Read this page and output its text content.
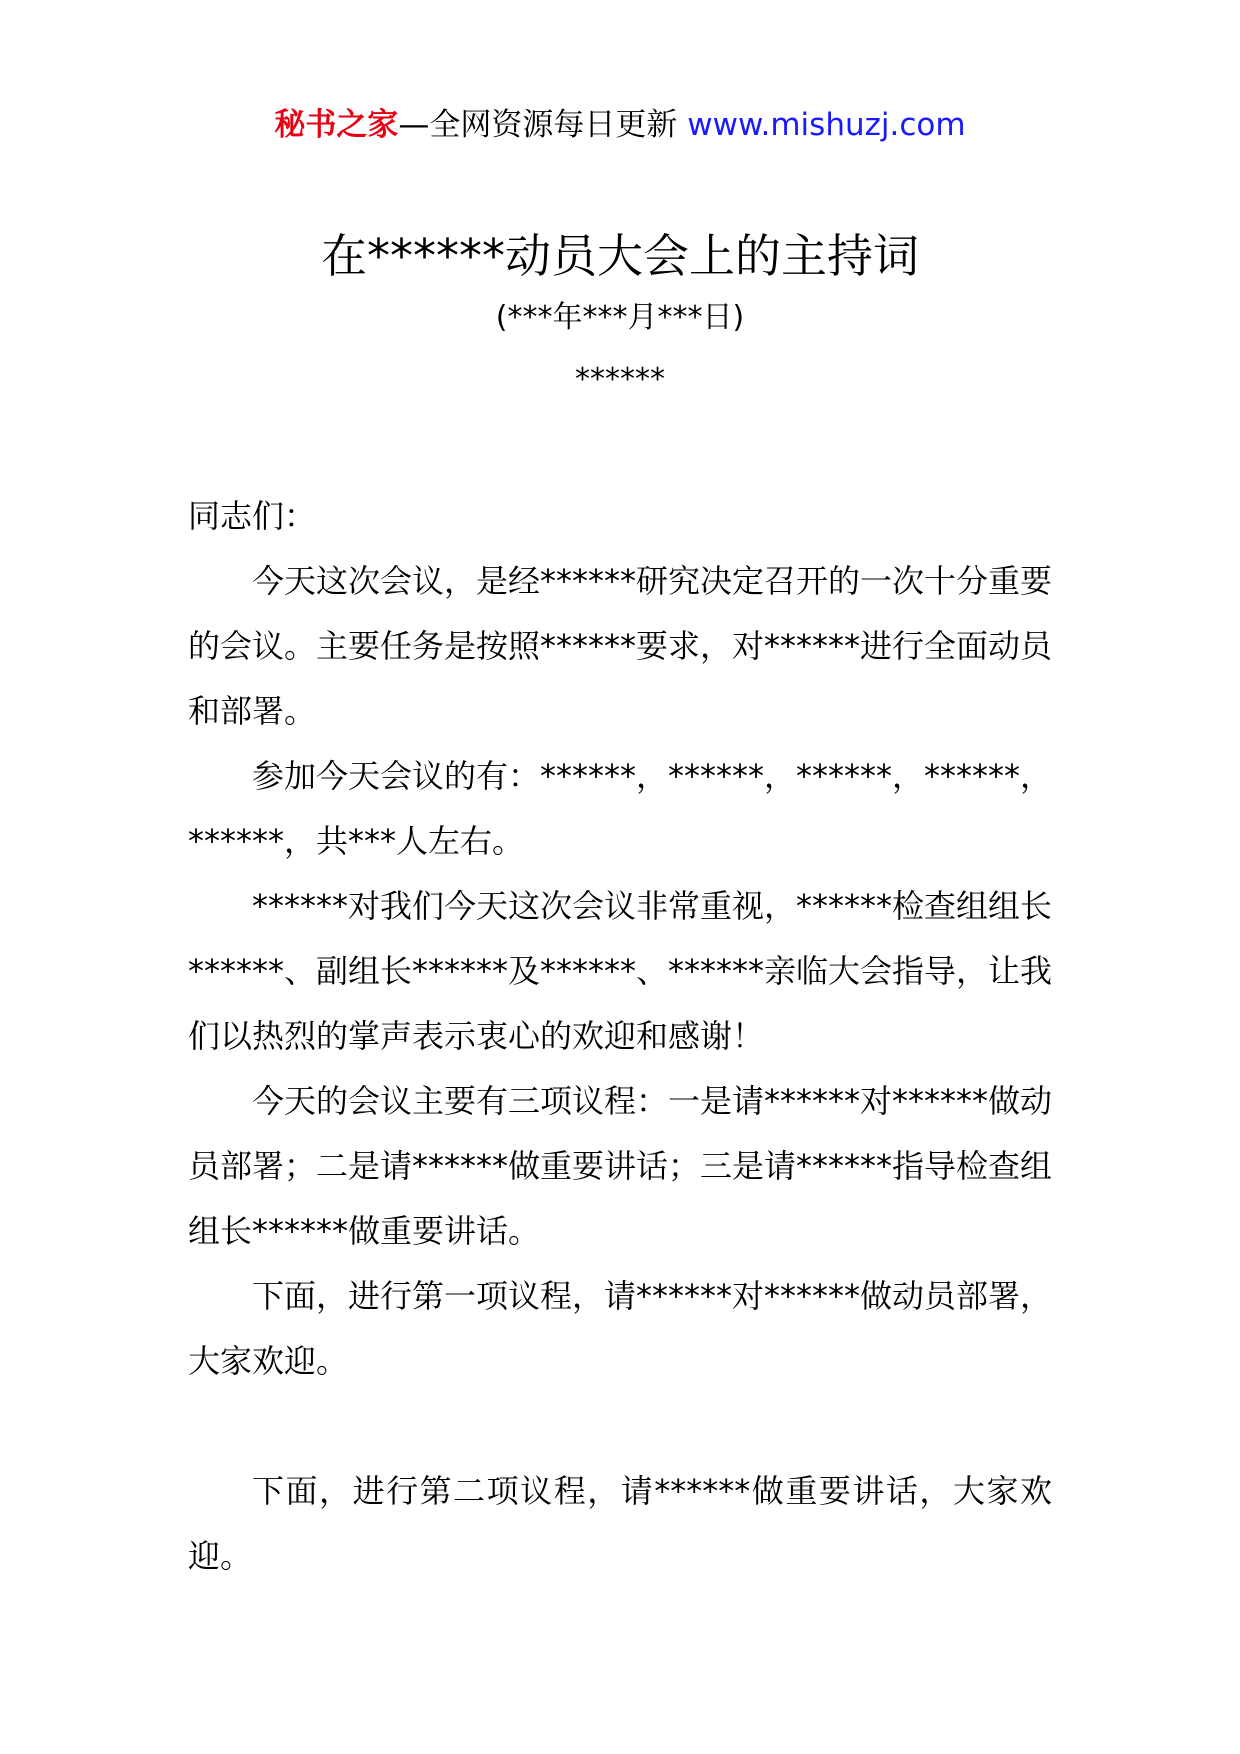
秘书之家—全网资源每日更新 www.mishuzj.com
在******动员大会上的主持词
(***年***月***日)
******

同志们：

今天这次会议，是经******研究决定召开的一次十分重要的会议。主要任务是按照******要求，对******进行全面动员和部署。

参加今天会议的有：******，******，******，******，******，共***人左右。

******对我们今天这次会议非常重视，******检查组组长******、副组长******及******、******亲临大会指导，让我们以热烈的掌声表示衷心的欢迎和感谢！

今天的会议主要有三项议程：一是请******对******做动员部署；二是请******做重要讲话；三是请******指导检查组组长******做重要讲话。

下面，进行第一项议程，请******对******做动员部署，大家欢迎。

下面，进行第二项议程，请******做重要讲话，大家欢迎。
